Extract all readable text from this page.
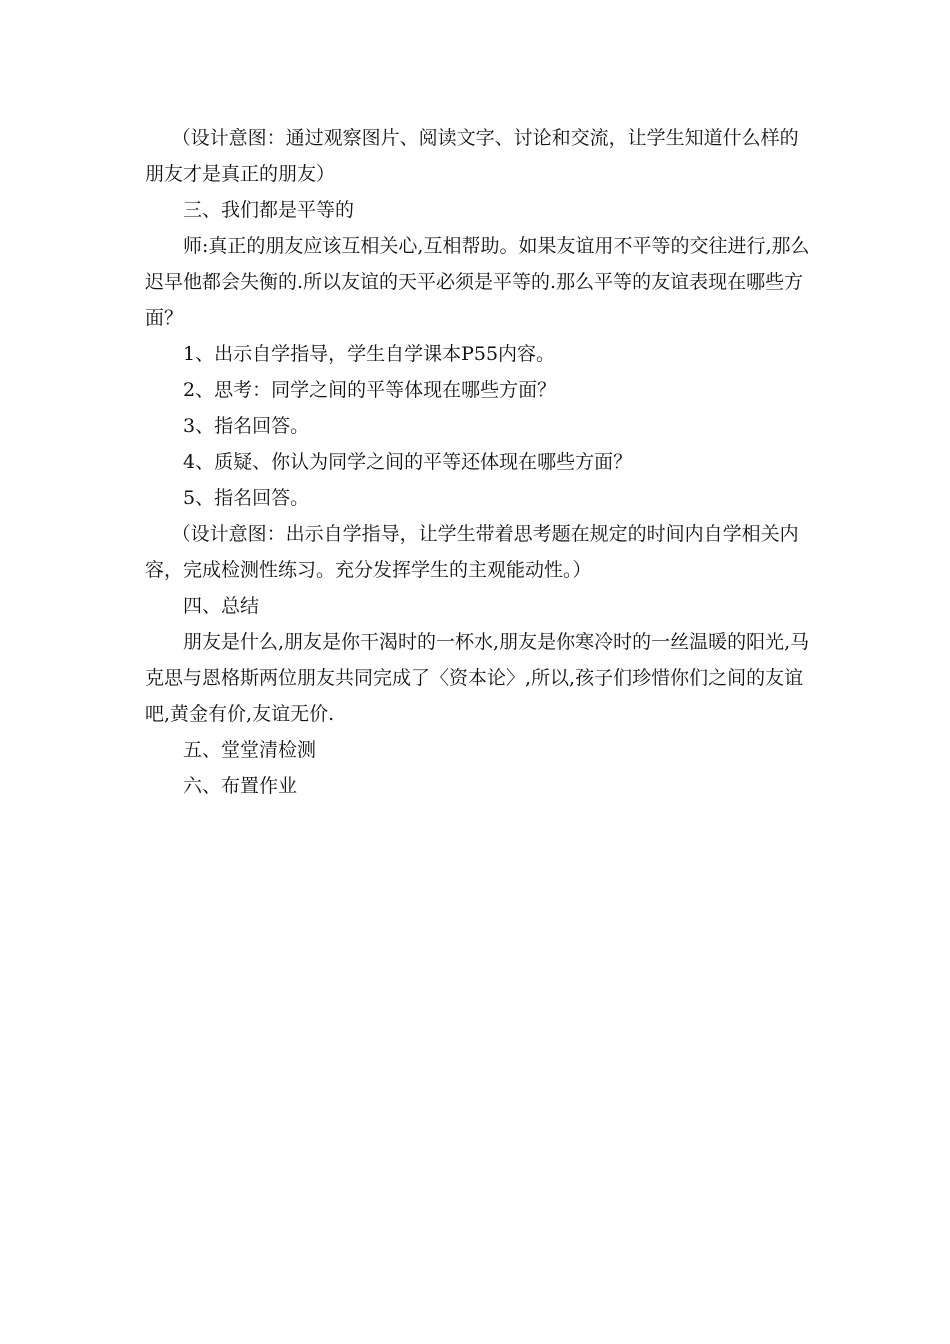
（设计意图：通过观察图片、阅读文字、讨论和交流，让学生知道什么样的朋友才是真正的朋友）

三、我们都是平等的

师:真正的朋友应该互相关心,互相帮助。如果友谊用不平等的交往进行,那么迟早他都会失衡的.所以友谊的天平必须是平等的.那么平等的友谊表现在哪些方面？

1、出示自学指导，学生自学课本P55内容。

2、思考：同学之间的平等体现在哪些方面？

3、指名回答。

4、质疑、你认为同学之间的平等还体现在哪些方面？

5、指名回答。

（设计意图：出示自学指导，让学生带着思考题在规定的时间内自学相关内容，完成检测性练习。充分发挥学生的主观能动性。）

四、总结

朋友是什么,朋友是你干渴时的一杯水,朋友是你寒冷时的一丝温暖的阳光,马克思与恩格斯两位朋友共同完成了〈资本论〉,所以,孩子们珍惜你们之间的友谊吧,黄金有价,友谊无价.

五、堂堂清检测

六、布置作业
